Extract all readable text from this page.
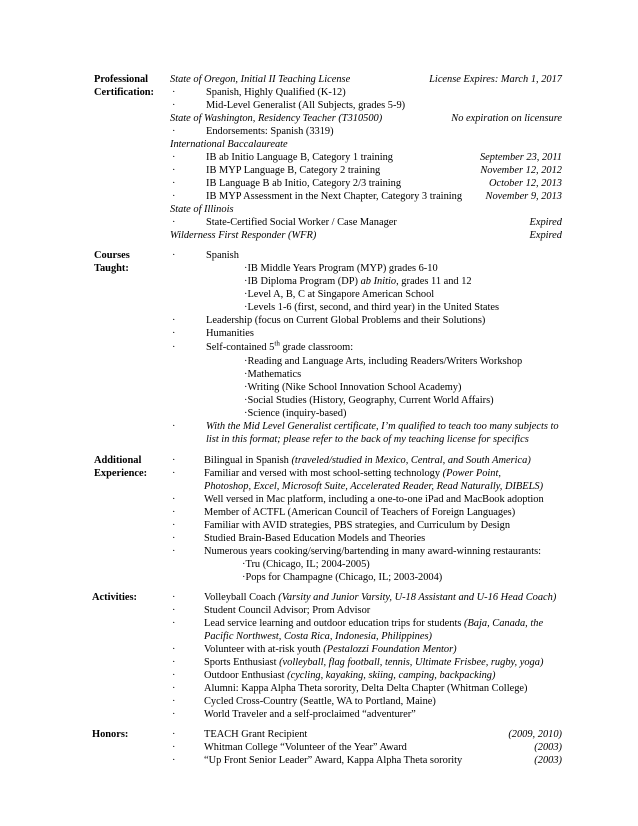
Professional
Certification:
State of Oregon, Initial II Teaching License	License Expires: March 1, 2017
·	Spanish, Highly Qualified (K-12)
·	Mid-Level Generalist (All Subjects, grades 5-9)
State of Washington, Residency Teacher (T310500)	No expiration on licensure
·	Endorsements: Spanish (3319)
International Baccalaureate
·	IB ab Initio Language B, Category 1 training	September 23, 2011
·	IB MYP Language B, Category 2 training	November 12, 2012
·	IB Language B ab Initio, Category 2/3 training	October 12, 2013
·	IB MYP Assessment in the Next Chapter, Category 3 training November 9, 2013
State of Illinois
·	State-Certified Social Worker / Case Manager	Expired
Wilderness First Responder (WFR)	Expired
Courses
Taught:
·	Spanish
·IB Middle Years Program (MYP) grades 6-10
·IB Diploma Program (DP) ab Initio, grades 11 and 12
·Level A, B, C at Singapore American School
·Levels 1-6 (first, second, and third year) in the United States
·	Leadership (focus on Current Global Problems and their Solutions)
·	Humanities
·	Self-contained 5th grade classroom:
·Reading and Language Arts, including Readers/Writers Workshop
·Mathematics
·Writing (Nike School Innovation School Academy)
·Social Studies (History, Geography, Current World Affairs)
·Science (inquiry-based)
·	With the Mid Level Generalist certificate, I’m qualified to teach too many subjects to
list in this format; please refer to the back of my teaching license for specifics
Additional
Experience:
·	Bilingual in Spanish (traveled/studied in Mexico, Central, and South America)
·	Familiar and versed with most school-setting technology (Power Point,
Photoshop, Excel, Microsoft Suite, Accelerated Reader, Read Naturally, DIBELS)
·	Well versed in Mac platform, including a one-to-one iPad and MacBook adoption
·	Member of ACTFL (American Council of Teachers of Foreign Languages)
·	Familiar with AVID strategies, PBS strategies, and Curriculum by Design
·	Studied Brain-Based Education Models and Theories
·	Numerous years cooking/serving/bartending in many award-winning restaurants:
·Tru (Chicago, IL; 2004-2005)
·Pops for Champagne (Chicago, IL; 2003-2004)
Activities:	·	Volleyball Coach (Varsity and Junior Varsity, U-18 Assistant and U-16 Head Coach)
·	Student Council Advisor; Prom Advisor
·	Lead service learning and outdoor education trips for students (Baja, Canada, the
Pacific Northwest, Costa Rica, Indonesia, Philippines)
·	Volunteer with at-risk youth (Pestalozzi Foundation Mentor)
·	Sports Enthusiast (volleyball, flag football, tennis, Ultimate Frisbee, rugby, yoga)
·	Outdoor Enthusiast (cycling, kayaking, skiing, camping, backpacking)
·	Alumni: Kappa Alpha Theta sorority, Delta Delta Chapter (Whitman College)
·	Cycled Cross-Country (Seattle, WA to Portland, Maine)
·	World Traveler and a self-proclaimed “adventurer”
Honors:	·	TEACH Grant Recipient	(2009, 2010)
·	Whitman College “Volunteer of the Year” Award	(2003)
·	“Up Front Senior Leader” Award, Kappa Alpha Theta sorority	(2003)
